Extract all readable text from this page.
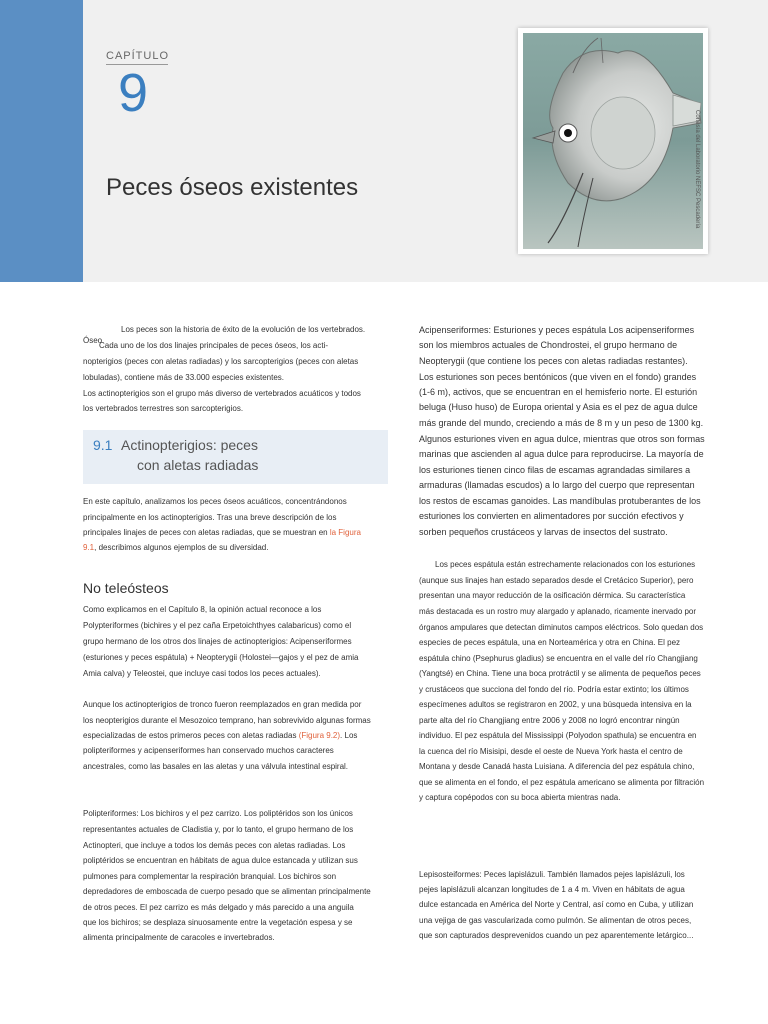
CAPÍTULO
9
Peces óseos existentes	Cortesía del Laboratorio NEFSC Pescadería
Óseo

Los peces son la historia de éxito de la evolución de los vertebrados.

Cada uno de los dos linajes principales de peces óseos, los acti-

nopterigios (peces con aletas radiadas) y los sarcopterigios (peces con aletas

lobuladas), contiene más de 33.000 especies existentes.

Los actinopterigios son el grupo más diverso de vertebrados acuáticos y todos

los vertebrados terrestres son sarcopterigios.

9.1 Actinopterigios: peces
con aletas radiadas

En este capítulo, analizamos los peces óseos acuáticos, concentrándonos

principalmente en los actinopterigios. Tras una breve descripción de los

principales linajes de peces con aletas radiadas, que se muestran en la Figura

9.1, describimos algunos ejemplos de su diversidad.

No teleósteos

Como explicamos en el Capítulo 8, la opinión actual reconoce a los

Polypteriformes (bichires y el pez caña Erpetoichthyes calabaricus) como el

grupo hermano de los otros dos linajes de actinopterigios: Acipenseriformes

(esturiones y peces espátula) + Neopterygii (Holostei—gajos y el pez de amia

Amia calva) y Teleostei, que incluye casi todos los peces actuales).

Aunque los actinopterigios de tronco fueron reemplazados en gran medida por

los neopterigios durante el Mesozoico temprano, han sobrevivido algunas formas

especializadas de estos primeros peces con aletas radiadas (Figura 9.2). Los

polipteriformes y acipenseriformes han conservado muchos caracteres

ancestrales, como las basales en las aletas y una válvula intestinal espiral.

Polipteriformes: Los bichiros y el pez carrizo. Los poliptéridos son los únicos

representantes actuales de Cladistia y, por lo tanto, el grupo hermano de los

Actinopteri, que incluye a todos los demás peces con aletas radiadas. Los

poliptéridos se encuentran en hábitats de agua dulce estancada y utilizan sus

pulmones para complementar la respiración branquial. Los bichiros son

depredadores de emboscada de cuerpo pesado que se alimentan principalmente

de otros peces. El pez carrizo es más delgado y más parecido a una anguila

que los bichiros; se desplaza sinuosamente entre la vegetación espesa y se

alimenta principalmente de caracoles e invertebrados.

Acipenseriformes: Esturiones y peces espátula Los acipenseriformes

son los miembros actuales de Chondrostei, el grupo hermano de

Neopterygii (que contiene los peces con aletas radiadas restantes).

Los esturiones son peces bentónicos (que viven en el fondo) grandes

(1-6 m), activos, que se encuentran en el hemisferio norte. El esturión

beluga (Huso huso) de Europa oriental y Asia es el pez de agua dulce

más grande del mundo, creciendo a más de 8 m y un peso de 1300 kg.

Algunos esturiones viven en agua dulce, mientras que otros son formas

marinas que ascienden al agua dulce para reproducirse. La mayoría de

los esturiones tienen cinco filas de escamas agrandadas similares a

armaduras (llamadas escudos) a lo largo del cuerpo que representan

los restos de escamas ganoides. Las mandíbulas protuberantes de los

esturiones los convierten en alimentadores por succión efectivos y

sorben pequeños crustáceos y larvas de insectos del sustrato.

Los peces espátula están estrechamente relacionados con los esturiones

(aunque sus linajes han estado separados desde el Cretácico Superior), pero

presentan una mayor reducción de la osificación dérmica. Su característica

más destacada es un rostro muy alargado y aplanado, ricamente inervado por

órganos ampulares que detectan diminutos campos eléctricos. Solo quedan dos

especies de peces espátula, una en Norteamérica y otra en China. El pez

espátula chino (Psephurus gladius) se encuentra en el valle del río Changjiang

(Yangtsé) en China. Tiene una boca protráctil y se alimenta de pequeños peces

y crustáceos que succiona del fondo del río. Podría estar extinto; los últimos

especímenes adultos se registraron en 2002, y una búsqueda intensiva en la

parte alta del río Changjiang entre 2006 y 2008 no logró encontrar ningún

individuo. El pez espátula del Mississippi (Polyodon spathula) se encuentra en

la cuenca del río Misisipi, desde el oeste de Nueva York hasta el centro de

Montana y desde Canadá hasta Luisiana. A diferencia del pez espátula chino,

que se alimenta en el fondo, el pez espátula americano se alimenta por filtración

y captura copépodos con su boca abierta mientras nada.

Lepisosteiformes: Peces lapislázuli. También llamados pejes lapislázuli, los

pejes lapislázuli alcanzan longitudes de 1 a 4 m. Viven en hábitats de agua

dulce estancada en América del Norte y Central, así como en Cuba, y utilizan

una vejiga de gas vascularizada como pulmón. Se alimentan de otros peces,

que son capturados desprevenidos cuando un pez aparentemente letárgico...
